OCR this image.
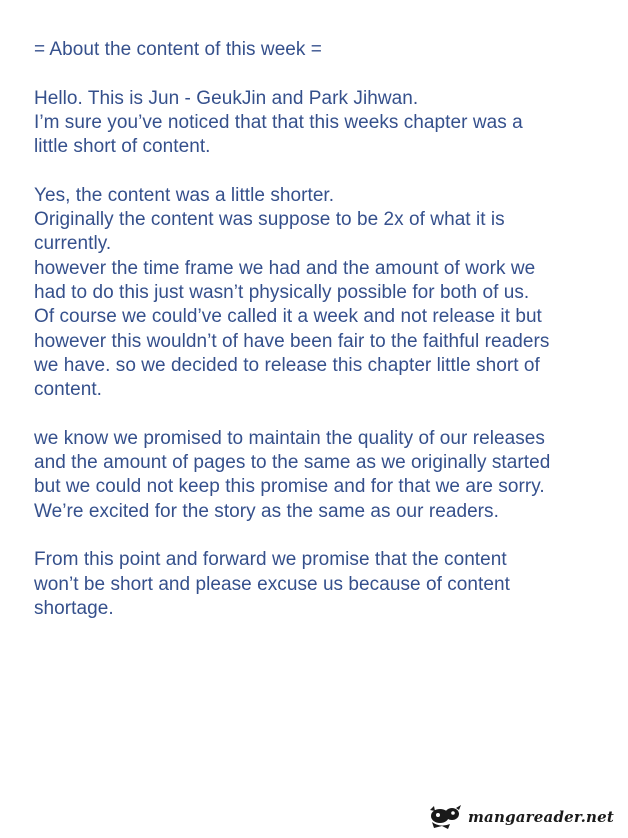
= About the content of this week =
Hello. This is Jun - GeukJin and Park Jihwan.
I’m sure you’ve noticed that that this weeks chapter was a
little short of content.
Yes, the content was a little shorter.
Originally the content was suppose to be 2x of what it is
currently.
however the time frame we had and the amount of work we
had to do this just wasn’t physically possible for both of us.
Of course we could’ve called it a week and not release it but
however this wouldn’t of have been fair to the faithful readers
we have. so we decided to release this chapter little short of
content.
we know we promised to maintain the quality of our releases
and the amount of pages to the same as we originally started
but we could not keep this promise and for that we are sorry.
We’re excited for the story as the same as our readers.
From this point and forward we promise that the content
won’t be short and please excuse us because of content
shortage.
mangareader.net
